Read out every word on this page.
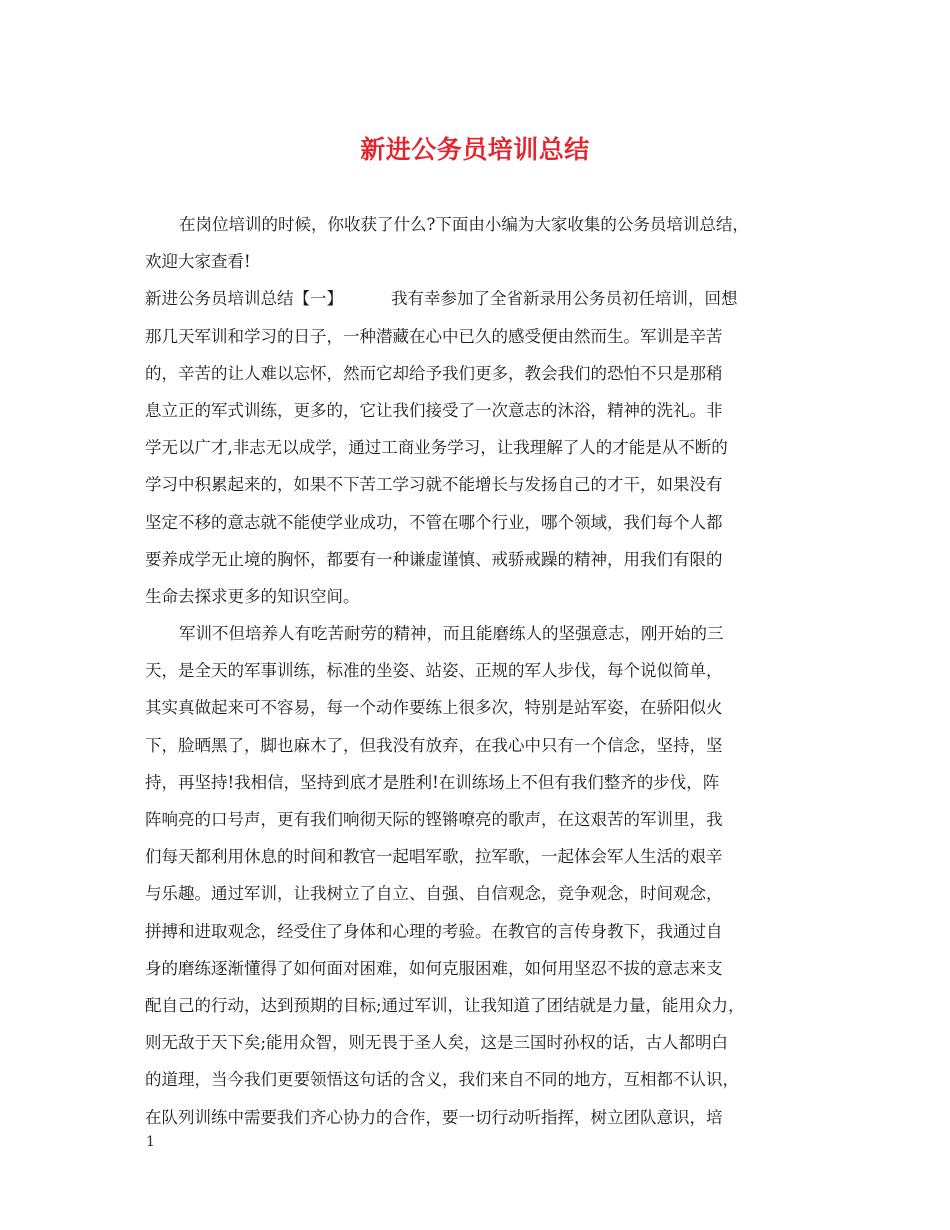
新进公务员培训总结
在岗位培训的时候，你收获了什么?下面由小编为大家收集的公务员培训总结，
欢迎大家查看!
新进公务员培训总结【一】	我有幸参加了全省新录用公务员初任培训，回想
那几天军训和学习的日子，一种潜藏在心中已久的感受便由然而生。军训是辛苦
的，辛苦的让人难以忘怀，然而它却给予我们更多，教会我们的恐怕不只是那稍
息立正的军式训练，更多的，它让我们接受了一次意志的沐浴，精神的洗礼。非
学无以广才,非志无以成学，通过工商业务学习，让我理解了人的才能是从不断的
学习中积累起来的，如果不下苦工学习就不能增长与发扬自己的才干，如果没有
坚定不移的意志就不能使学业成功，不管在哪个行业，哪个领域，我们每个人都
要养成学无止境的胸怀，都要有一种谦虚谨慎、戒骄戒躁的精神，用我们有限的
生命去探求更多的知识空间。
军训不但培养人有吃苦耐劳的精神，而且能磨练人的坚强意志，刚开始的三
天，是全天的军事训练，标准的坐姿、站姿、正规的军人步伐，每个说似简单，
其实真做起来可不容易，每一个动作要练上很多次，特别是站军姿，在骄阳似火
下，脸晒黑了，脚也麻木了，但我没有放弃，在我心中只有一个信念，坚持，坚
持，再坚持!我相信，坚持到底才是胜利!在训练场上不但有我们整齐的步伐，阵
阵响亮的口号声，更有我们响彻天际的铿锵嘹亮的歌声，在这艰苦的军训里，我
们每天都利用休息的时间和教官一起唱军歌，拉军歌，一起体会军人生活的艰辛
与乐趣。通过军训，让我树立了自立、自强、自信观念，竞争观念，时间观念，
拼搏和进取观念，经受住了身体和心理的考验。在教官的言传身教下，我通过自
身的磨练逐渐懂得了如何面对困难，如何克服困难，如何用坚忍不拔的意志来支
配自己的行动，达到预期的目标;通过军训，让我知道了团结就是力量，能用众力，
则无敌于天下矣;能用众智，则无畏于圣人矣，这是三国时孙权的话，古人都明白
的道理，当今我们更要领悟这句话的含义，我们来自不同的地方，互相都不认识，
在队列训练中需要我们齐心协力的合作，要一切行动听指挥，树立团队意识，培
1
